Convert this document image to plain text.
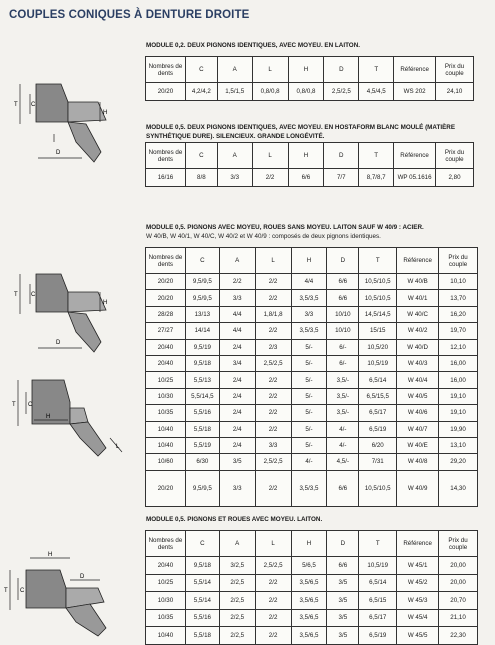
COUPLES CONIQUES À DENTURE DROITE
MODULE 0,2. DEUX PIGNONS IDENTIQUES, AVEC MOYEU. EN LAITON.
Nombres de dents	C	A	L	H	D	T	Référence	Prix du couple
20/20	4,2/4,2	1,5/1,5	0,8/0,8	0,8/0,8	2,5/2,5	4,5/4,5	WS 202	24,10
MODULE 0,5. DEUX PIGNONS IDENTIQUES, AVEC MOYEU. EN HOSTAFORM BLANC MOULÉ (MATIÈRE SYNTHÉTIQUE DURE). SILENCIEUX. GRANDE LONGÉVITÉ.
Nombres de dents	C	A	L	H	D	T	Référence	Prix du couple
16/16	8/8	3/3	2/2	6/6	7/7	8,7/8,7	WP 05.1616	2,80
MODULE 0,5. PIGNONS AVEC MOYEU, ROUES SANS MOYEU. LAITON SAUF W 40/9 : ACIER.
W 40/B, W 40/1, W 40/C, W 40/2 et W 40/9 : composés de deux pignons identiques.
Nombres de dents	C	A	L	H	D	T	Référence	Prix du couple
20/20	9,5/9,5	2/2	2/2	4/4	6/6	10,5/10,5	W 40/B	10,10
20/20	9,5/9,5	3/3	2/2	3,5/3,5	6/6	10,5/10,5	W 40/1	13,70
28/28	13/13	4/4	1,8/1,8	3/3	10/10	14,5/14,5	W 40/C	16,20
27/27	14/14	4/4	2/2	3,5/3,5	10/10	15/15	W 40/2	19,70
20/40	9,5/19	2/4	2/3	5/-	6/-	10,5/20	W 40/D	12,10
20/40	9,5/18	3/4	2,5/2,5	5/-	6/-	10,5/19	W 40/3	16,00
10/25	5,5/13	2/4	2/2	5/-	3,5/-	6,5/14	W 40/4	16,00
10/30	5,5/14,5	2/4	2/2	5/-	3,5/-	6,5/15,5	W 40/5	19,10
10/35	5,5/16	2/4	2/2	5/-	3,5/-	6,5/17	W 40/6	19,10
10/40	5,5/18	2/4	2/2	5/-	4/-	6,5/19	W 40/7	19,90
10/40	5,5/19	2/4	3/3	5/-	4/-	6/20	W 40/E	13,10
10/60	6/30	3/5	2,5/2,5	4/-	4,5/-	7/31	W 40/8	29,20
20/20	9,5/9,5	3/3	2/2	3,5/3,5	6/6	10,5/10,5	W 40/9	14,30
MODULE 0,5. PIGNONS ET ROUES AVEC MOYEU. LAITON.
Nombres de dents	C	A	L	H	D	T	Référence	Prix du couple
20/40	9,5/18	3/2,5	2,5/2,5	5/6,5	6/6	10,5/19	W 45/1	20,00
10/25	5,5/14	2/2,5	2/2	3,5/6,5	3/5	6,5/14	W 45/2	20,00
10/30	5,5/14	2/2,5	2/2	3,5/6,5	3/5	6,5/15	W 45/3	20,70
10/35	5,5/16	2/2,5	2/2	3,5/6,5	3/5	6,5/17	W 45/4	21,10
10/40	5,5/18	2/2,5	2/2	3,5/6,5	3/5	6,5/19	W 45/5	22,30
T C
D
H
T C
D
H
T C
H
L
T C
D
H
